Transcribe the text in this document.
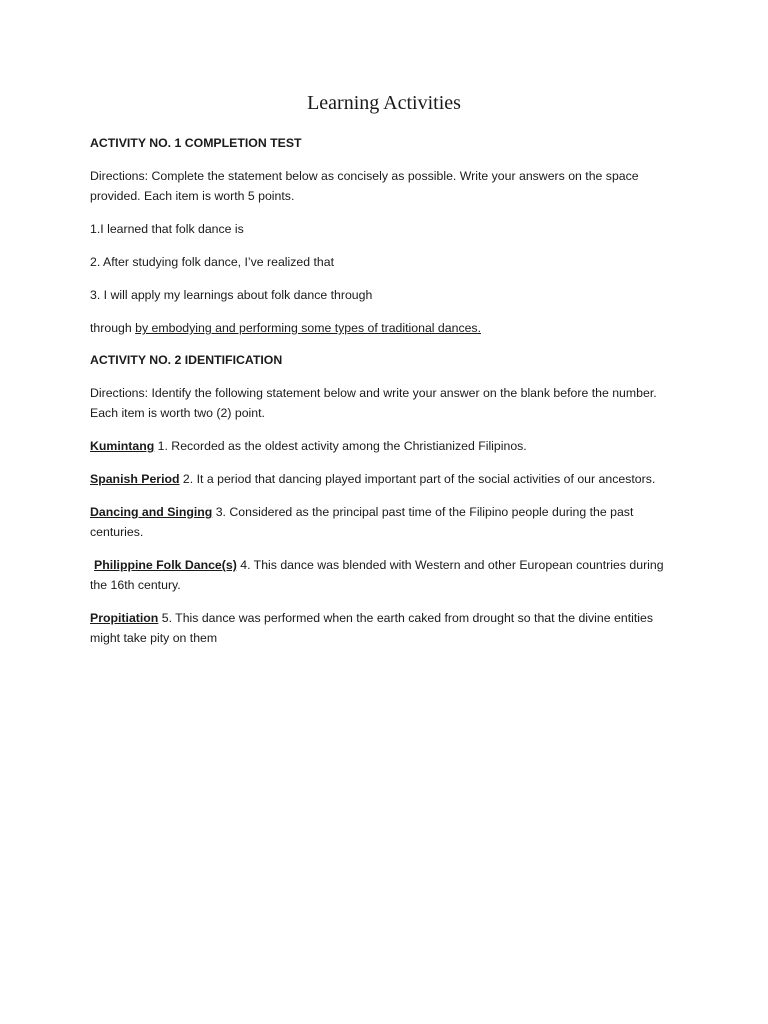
Learning Activities
ACTIVITY NO. 1 COMPLETION TEST
Directions: Complete the statement below as concisely as possible. Write your answers on the space provided. Each item is worth 5 points.
1.I learned that folk dance is
2. After studying folk dance, I’ve realized that
3. I will apply my learnings about folk dance through
through by embodying and performing some types of traditional dances.
ACTIVITY NO. 2 IDENTIFICATION
Directions: Identify the following statement below and write your answer on the blank before the number. Each item is worth two (2) point.
Kumintang 1. Recorded as the oldest activity among the Christianized Filipinos.
Spanish Period 2. It a period that dancing played important part of the social activities of our ancestors.
Dancing and Singing 3. Considered as the principal past time of the Filipino people during the past centuries.
Philippine Folk Dance(s) 4. This dance was blended with Western and other European countries during the 16th century.
Propitiation 5. This dance was performed when the earth caked from drought so that the divine entities might take pity on them
